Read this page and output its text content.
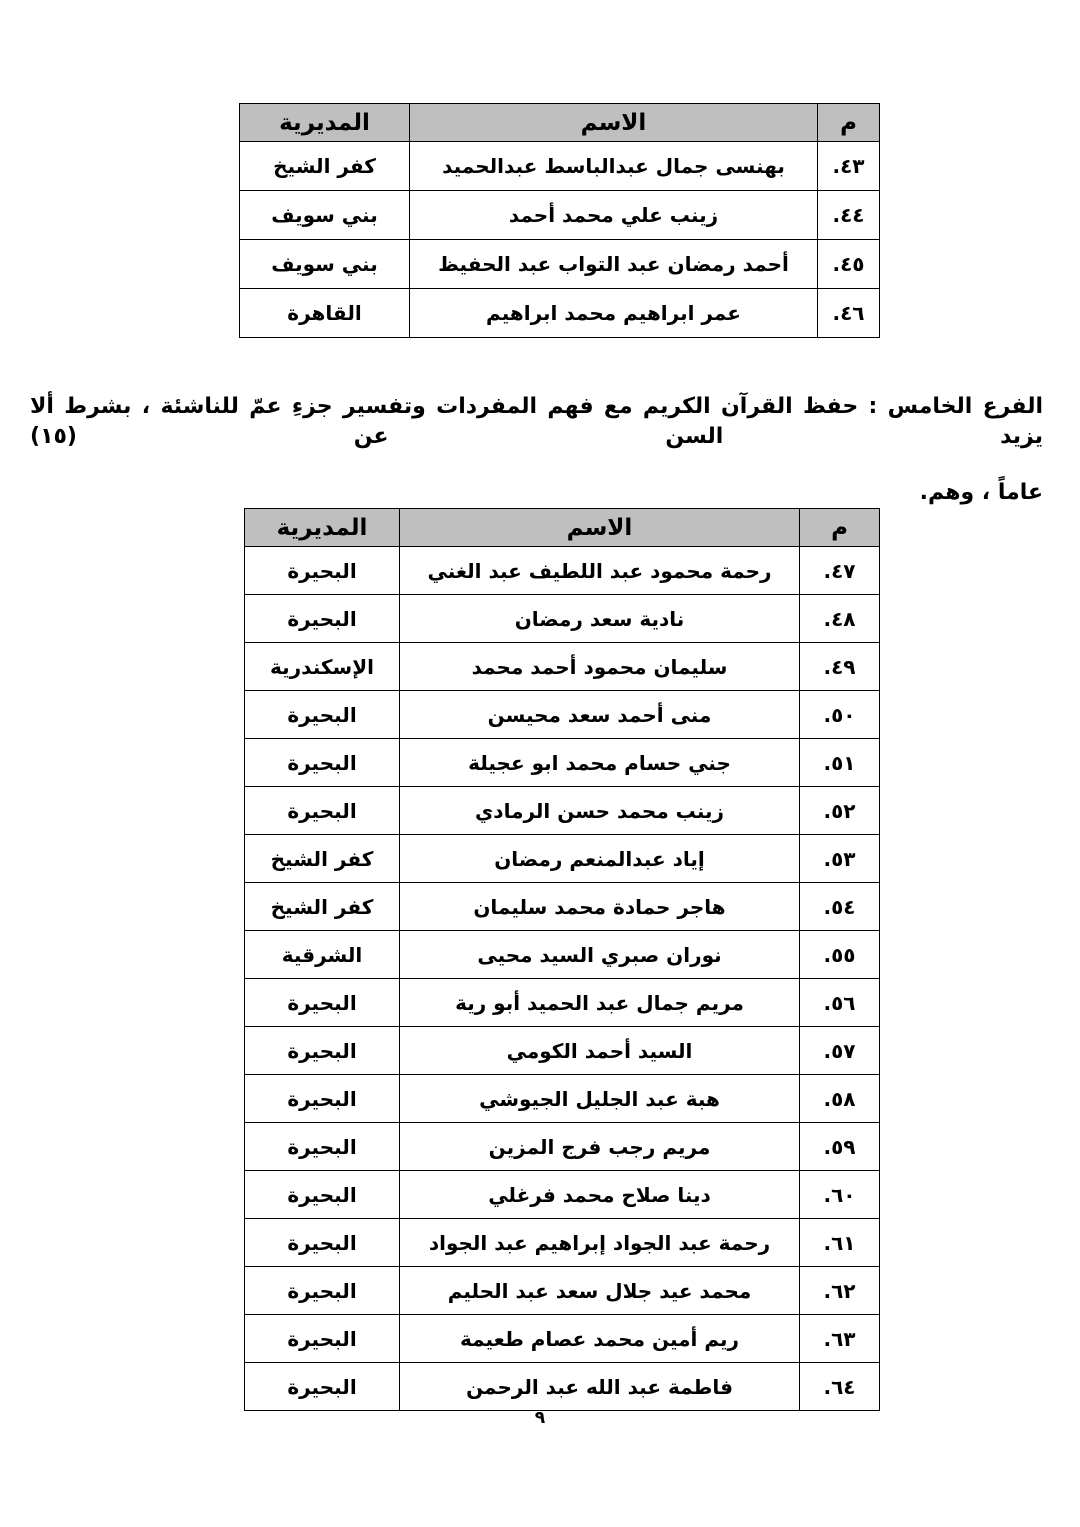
م	الاسم	المديرية
٤٣.	بهنسى جمال عبدالباسط عبدالحميد	كفر الشيخ
٤٤.	زينب علي محمد أحمد	بني سويف
٤٥.	أحمد رمضان عبد التواب عبد الحفيظ	بني سويف
٤٦.	عمر ابراهيم محمد ابراهيم	القاهرة
الفرع الخامس : حفظ القرآن الكريم مع فهم المفردات وتفسير جزءِ عمّ للناشئة ، بشرط ألا يزيد السن عن (١٥)
عاماً ، وهم.
م	الاسم	المديرية
٤٧.	رحمة محمود عبد اللطيف عبد الغني	البحيرة
٤٨.	نادية سعد رمضان	البحيرة
٤٩.	سليمان محمود أحمد محمد	الإسكندرية
٥٠.	منى أحمد سعد محيسن	البحيرة
٥١.	جني حسام محمد ابو عجيلة	البحيرة
٥٢.	زينب محمد حسن الرمادي	البحيرة
٥٣.	إياد عبدالمنعم رمضان	كفر الشيخ
٥٤.	هاجر حمادة محمد سليمان	كفر الشيخ
٥٥.	نوران صبري السيد محيى	الشرقية
٥٦.	مريم جمال عبد الحميد أبو رية	البحيرة
٥٧.	السيد أحمد الكومي	البحيرة
٥٨.	هبة عبد الجليل الجيوشي	البحيرة
٥٩.	مريم رجب فرج المزين	البحيرة
٦٠.	دينا صلاح محمد فرغلي	البحيرة
٦١.	رحمة عبد الجواد إبراهيم عبد الجواد	البحيرة
٦٢.	محمد عيد جلال سعد عبد الحليم	البحيرة
٦٣.	ريم أمين محمد عصام طعيمة	البحيرة
٦٤.	فاطمة عبد الله عبد الرحمن	البحيرة
٩
